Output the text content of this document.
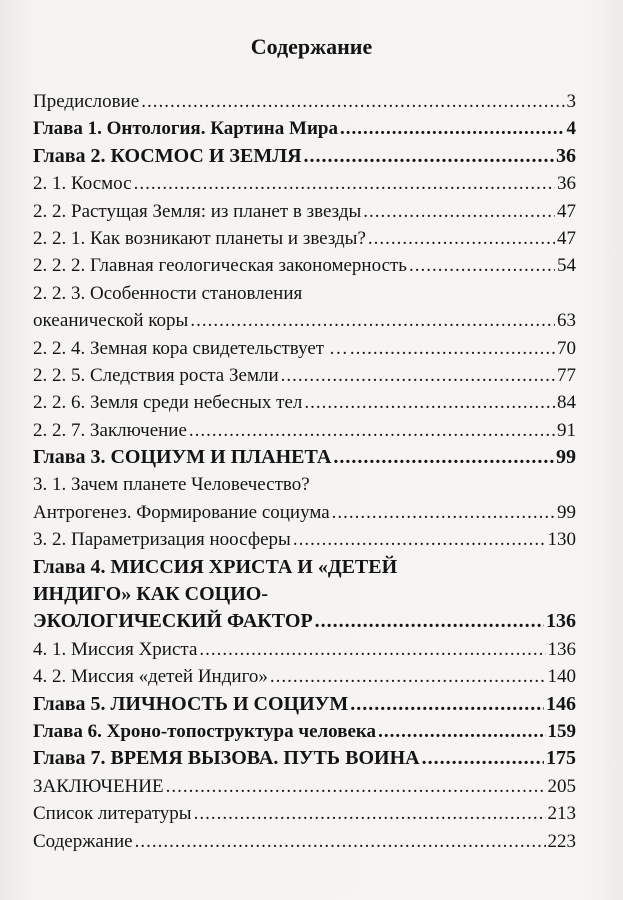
Содержание
Предисловие .....	3
Глава 1. Онтология. Картина Мира .....	4
Глава 2. КОСМОС И ЗЕМЛЯ .....	36
2. 1. Космос .....	36
2. 2. Растущая Земля: из планет в звезды .....	47
2. 2. 1. Как возникают планеты и звезды? .....	47
2. 2. 2. Главная геологическая закономерность .....	54
2. 2. 3. Особенности становления
океанической коры .....	63
2. 2. 4. Земная кора свидетельствует … .....	70
2. 2. 5. Следствия роста Земли .....	77
2. 2. 6. Земля среди небесных тел .....	84
2. 2. 7. Заключение .....	91
Глава 3. СОЦИУМ И ПЛАНЕТА .....	99
3. 1. Зачем планете Человечество?
Антрогенез. Формирование социума .....	99
3. 2. Параметризация ноосферы .....	130
Глава 4. МИССИЯ ХРИСТА И «ДЕТЕЙ
ИНДИГО» КАК СОЦИО-
ЭКОЛОГИЧЕСКИЙ ФАКТОР .....	136
4. 1. Миссия Христа .....	136
4. 2. Миссия «детей Индиго» .....	140
Глава 5. ЛИЧНОСТЬ И СОЦИУМ .....	146
Глава 6. Хроно-топоструктура человека .....	159
Глава 7. ВРЕМЯ ВЫЗОВА. ПУТЬ ВОИНА .....	175
ЗАКЛЮЧЕНИЕ .....	205
Список литературы .....	213
Содержание .....	223
